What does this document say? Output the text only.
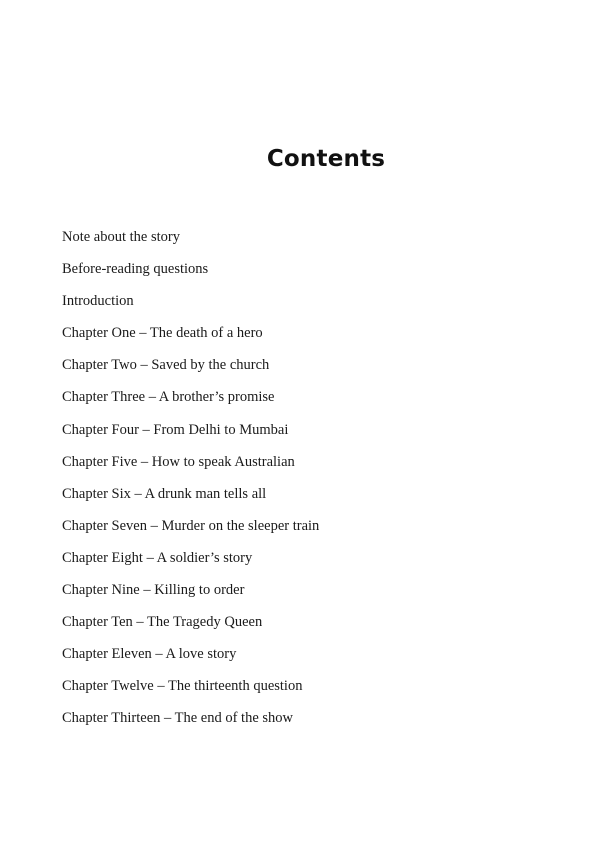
Contents
Note about the story
Before-reading questions
Introduction
Chapter One – The death of a hero
Chapter Two – Saved by the church
Chapter Three – A brother’s promise
Chapter Four – From Delhi to Mumbai
Chapter Five – How to speak Australian
Chapter Six – A drunk man tells all
Chapter Seven – Murder on the sleeper train
Chapter Eight – A soldier’s story
Chapter Nine – Killing to order
Chapter Ten – The Tragedy Queen
Chapter Eleven – A love story
Chapter Twelve – The thirteenth question
Chapter Thirteen – The end of the show
